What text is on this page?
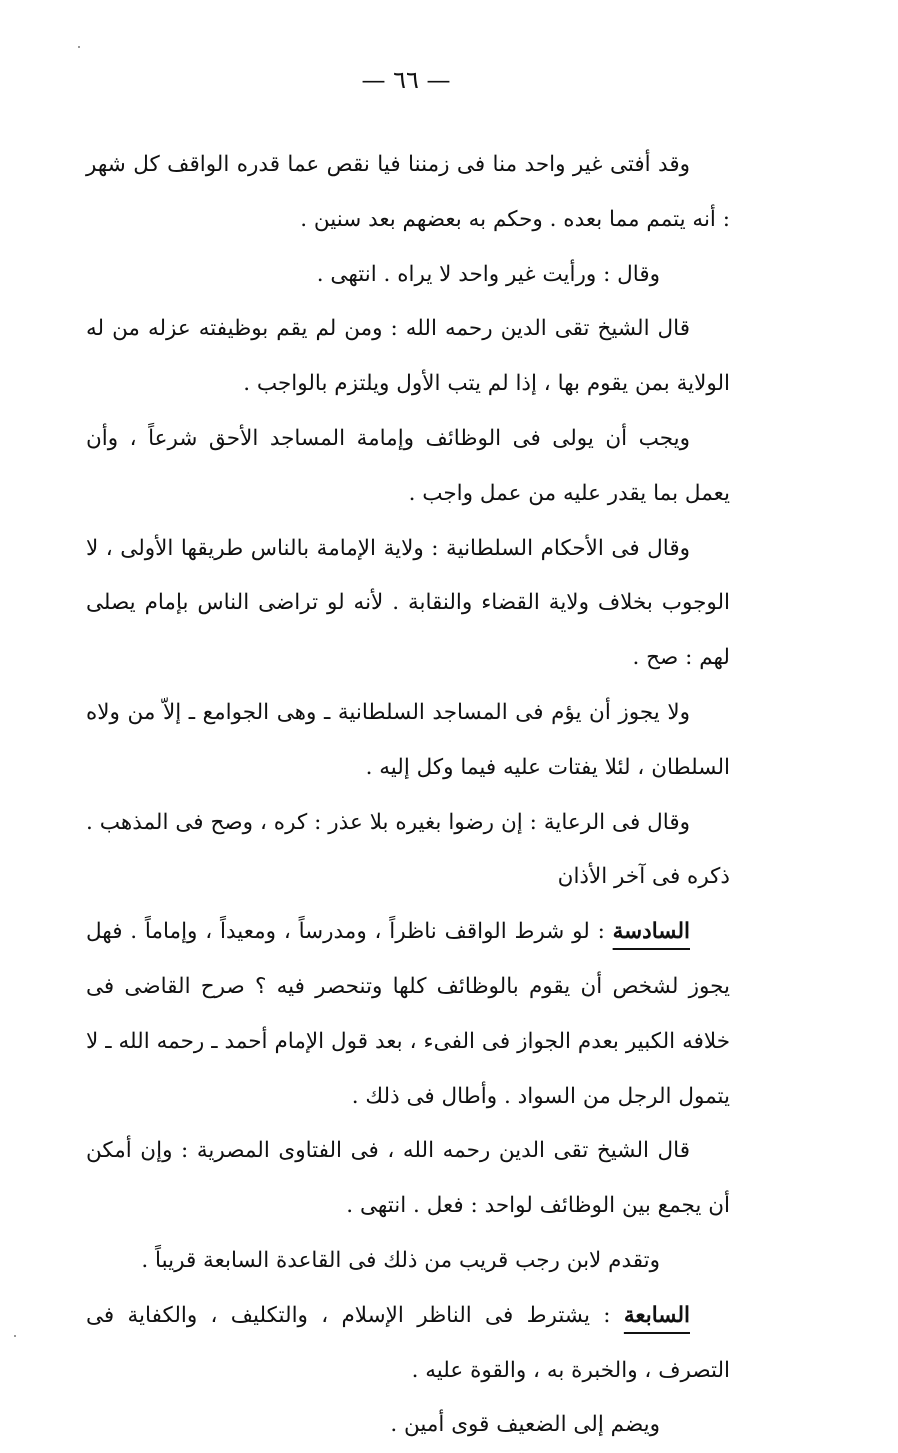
— ٦٦ —

وقد أفتى غير واحد منا فى زمننا فيا نقص عما قدره الواقف كل شهر : أنه يتمم مما بعده . وحكم به بعضهم بعد سنين .

وقال : ورأيت غير واحد لا يراه . انتهى .

قال الشيخ تقى الدين رحمه الله : ومن لم يقم بوظيفته عزله من له الولاية بمن يقوم بها ، إذا لم يتب الأول ويلتزم بالواجب .

ويجب أن يولى فى الوظائف وإمامة المساجد الأحق شرعاً ، وأن يعمل بما يقدر عليه من عمل واجب .

وقال فى الأحكام السلطانية : ولاية الإمامة بالناس طريقها الأولى ، لا الوجوب بخلاف ولاية القضاء والنقابة . لأنه لو تراضى الناس بإمام يصلى لهم : صح .

ولا يجوز أن يؤم فى المساجد السلطانية ـ وهى الجوامع ـ إلاّ من ولاه السلطان ، لئلا يفتات عليه فيما وكل إليه .

وقال فى الرعاية : إن رضوا بغيره بلا عذر : كره ، وصح فى المذهب . ذكره فى آخر الأذان

السادسة : لو شرط الواقف ناظراً ، ومدرساً ، ومعيداً ، وإماماً . فهل يجوز لشخص أن يقوم بالوظائف كلها وتنحصر فيه ؟ صرح القاضى فى خلافه الكبير بعدم الجواز فى الفىء ، بعد قول الإمام أحمد ـ رحمه الله ـ لا يتمول الرجل من السواد . وأطال فى ذلك .

قال الشيخ تقى الدين رحمه الله ، فى الفتاوى المصرية : وإن أمكن أن يجمع بين الوظائف لواحد : فعل . انتهى .

وتقدم لابن رجب قريب من ذلك فى القاعدة السابعة قريباً .

السابعة : يشترط فى الناظر الإسلام ، والتكليف ، والكفاية فى التصرف ، والخبرة به ، والقوة عليه .

ويضم إلى الضعيف قوى أمين .
